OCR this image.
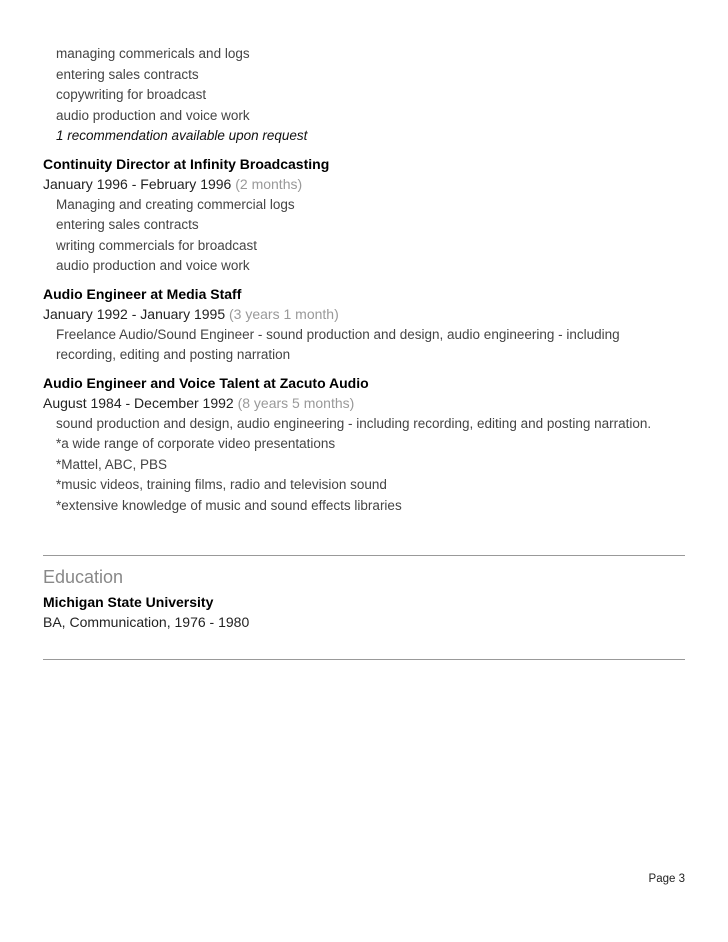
managing commericals and logs
entering sales contracts
copywriting for broadcast
audio production and voice work
1 recommendation available upon request
Continuity Director at Infinity Broadcasting
January 1996 - February 1996 (2 months)
Managing and creating commercial logs
entering sales contracts
writing commercials for broadcast
audio production and voice work
Audio Engineer at Media Staff
January 1992 - January 1995 (3 years 1 month)
Freelance Audio/Sound Engineer - sound production and design, audio engineering - including
recording, editing and posting narration
Audio Engineer and Voice Talent at Zacuto Audio
August 1984 - December 1992 (8 years 5 months)
sound production and design, audio engineering - including recording, editing and posting narration.
*a wide range of corporate video presentations
*Mattel, ABC, PBS
*music videos, training films, radio and television sound
*extensive knowledge of music and sound effects libraries
Education
Michigan State University
BA, Communication, 1976 - 1980
Page 3
